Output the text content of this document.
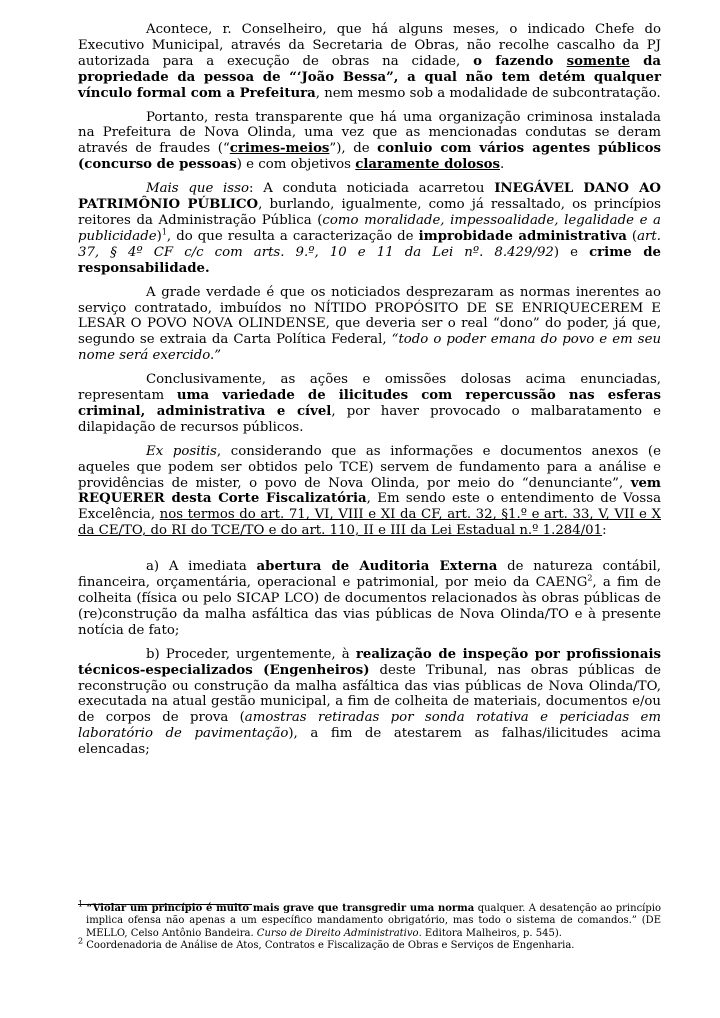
Acontece, r. Conselheiro, que há alguns meses, o indicado Chefe do Executivo Municipal, através da Secretaria de Obras, não recolhe cascalho da PJ autorizada para a execução de obras na cidade, o fazendo somente da propriedade da pessoa de “‘João Bessa”, a qual não tem detém qualquer vínculo formal com a Prefeitura, nem mesmo sob a modalidade de subcontratação.

Portanto, resta transparente que há uma organização criminosa instalada na Prefeitura de Nova Olinda, uma vez que as mencionadas condutas se deram através de fraudes (“crimes-meios”), de conluio com vários agentes públicos (concurso de pessoas) e com objetivos claramente dolosos.

Mais que isso: A conduta noticiada acarretou INEGÁVEL DANO AO PATRIMÔNIO PÚBLICO, burlando, igualmente, como já ressaltado, os princípios reitores da Administração Pública (como moralidade, impessoalidade, legalidade e a publicidade)$^1$, do que resulta a caracterização de improbidade administrativa (art. 37, § 4º CF c/c com arts. 9.º, 10 e 11 da Lei nº. 8.429/92) e crime de responsabilidade.

A grade verdade é que os noticiados desprezaram as normas inerentes ao serviço contratado, imbuídos no NÍTIDO PROPÓSITO DE SE ENRIQUECEREM E LESAR O POVO NOVA OLINDENSE, que deveria ser o real “dono” do poder, já que, segundo se extraia da Carta Política Federal, “todo o poder emana do povo e em seu nome será exercido.”

Conclusivamente, as ações e omissões dolosas acima enunciadas, representam uma variedade de ilicitudes com repercussão nas esferas criminal, administrativa e cível, por haver provocado o malbaratamento e dilapidação de recursos públicos.

Ex positis, considerando que as informações e documentos anexos (e aqueles que podem ser obtidos pelo TCE) servem de fundamento para a análise e providências de mister, o povo de Nova Olinda, por meio do “denunciante”, vem REQUERER desta Corte Fiscalizatória, Em sendo este o entendimento de Vossa Excelência, nos termos do art. 71, VI, VIII e XI da CF, art. 32, §1.º e art. 33, V, VII e X da CE/TO, do RI do TCE/TO e do art. 110, II e III da Lei Estadual n.º 1.284/01:

a) A imediata abertura de Auditoria Externa de natureza contábil, financeira, orçamentária, operacional e patrimonial, por meio da CAENG$^2$, a fim de colheita (física ou pelo SICAP LCO) de documentos relacionados às obras públicas de (re)construção da malha asfáltica das vias públicas de Nova Olinda/TO e à presente notícia de fato;

b) Proceder, urgentemente, à realização de inspeção por profissionais técnicos-especializados (Engenheiros) deste Tribunal, nas obras públicas de reconstrução ou construção da malha asfáltica das vias públicas de Nova Olinda/TO, executada na atual gestão municipal, a fim de colheita de materiais, documentos e/ou de corpos de prova (amostras retiradas por sonda rotativa e periciadas em laboratório de pavimentação), a fim de atestarem as falhas/ilicitudes acima elencadas;

$^1$ “Violar um princípio é muito mais grave que transgredir uma norma qualquer. A desatenção ao princípio implica ofensa não apenas a um específico mandamento obrigatório, mas todo o sistema de comandos.” (DE MELLO, Celso Antônio Bandeira. Curso de Direito Administrativo. Editora Malheiros, p. 545).

$^2$ Coordenadoria de Análise de Atos, Contratos e Fiscalização de Obras e Serviços de Engenharia.
